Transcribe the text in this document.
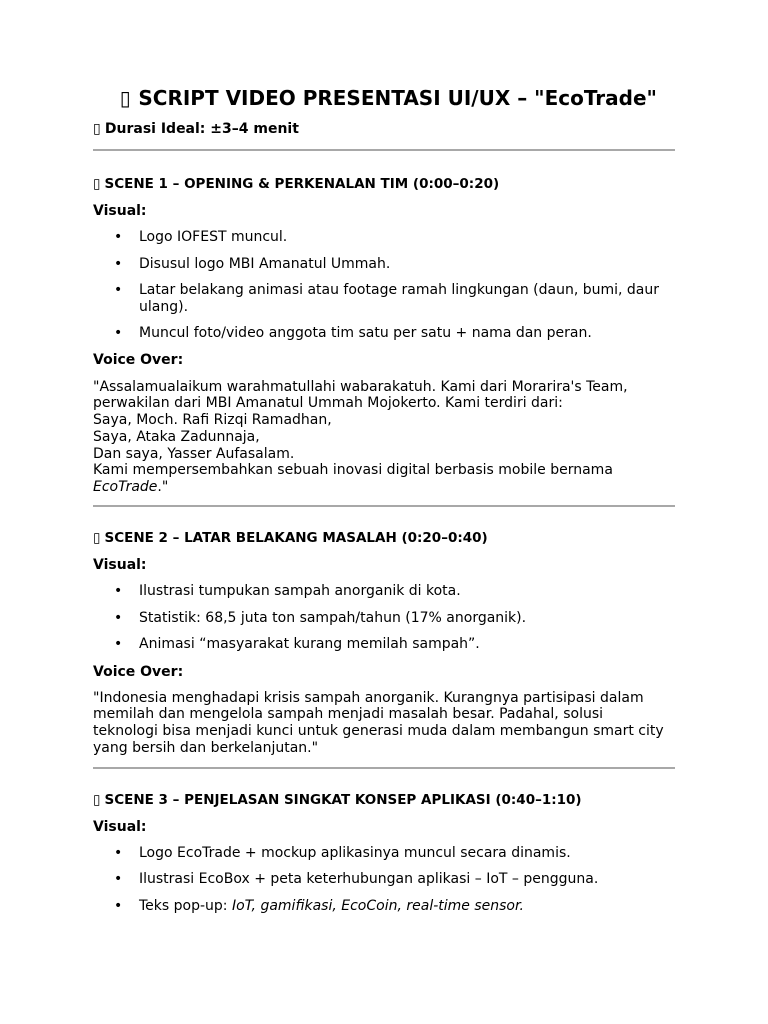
▯ SCRIPT VIDEO PRESENTASI UI/UX – "EcoTrade"
▯ Durasi Ideal: ±3–4 menit
▯ SCENE 1 – OPENING & PERKENALAN TIM (0:00–0:20)
Visual:
• Logo IOFEST muncul.
• Disusul logo MBI Amanatul Ummah.
• Latar belakang animasi atau footage ramah lingkungan (daun, bumi, daur
ulang).
• Muncul foto/video anggota tim satu per satu + nama dan peran.
Voice Over:
"Assalamualaikum warahmatullahi wabarakatuh. Kami dari Morarira's Team,
perwakilan dari MBI Amanatul Ummah Mojokerto. Kami terdiri dari:
Saya, Moch. Rafi Rizqi Ramadhan,
Saya, Ataka Zadunnaja,
Dan saya, Yasser Aufasalam.
Kami mempersembahkan sebuah inovasi digital berbasis mobile bernama
EcoTrade."
▯ SCENE 2 – LATAR BELAKANG MASALAH (0:20–0:40)
Visual:
• Ilustrasi tumpukan sampah anorganik di kota.
• Statistik: 68,5 juta ton sampah/tahun (17% anorganik).
• Animasi “masyarakat kurang memilah sampah”.
Voice Over:
"Indonesia menghadapi krisis sampah anorganik. Kurangnya partisipasi dalam
memilah dan mengelola sampah menjadi masalah besar. Padahal, solusi
teknologi bisa menjadi kunci untuk generasi muda dalam membangun smart city
yang bersih dan berkelanjutan."
▯ SCENE 3 – PENJELASAN SINGKAT KONSEP APLIKASI (0:40–1:10)
Visual:
• Logo EcoTrade + mockup aplikasinya muncul secara dinamis.
• Ilustrasi EcoBox + peta keterhubungan aplikasi – IoT – pengguna.
• Teks pop-up: IoT, gamifikasi, EcoCoin, real-time sensor.
